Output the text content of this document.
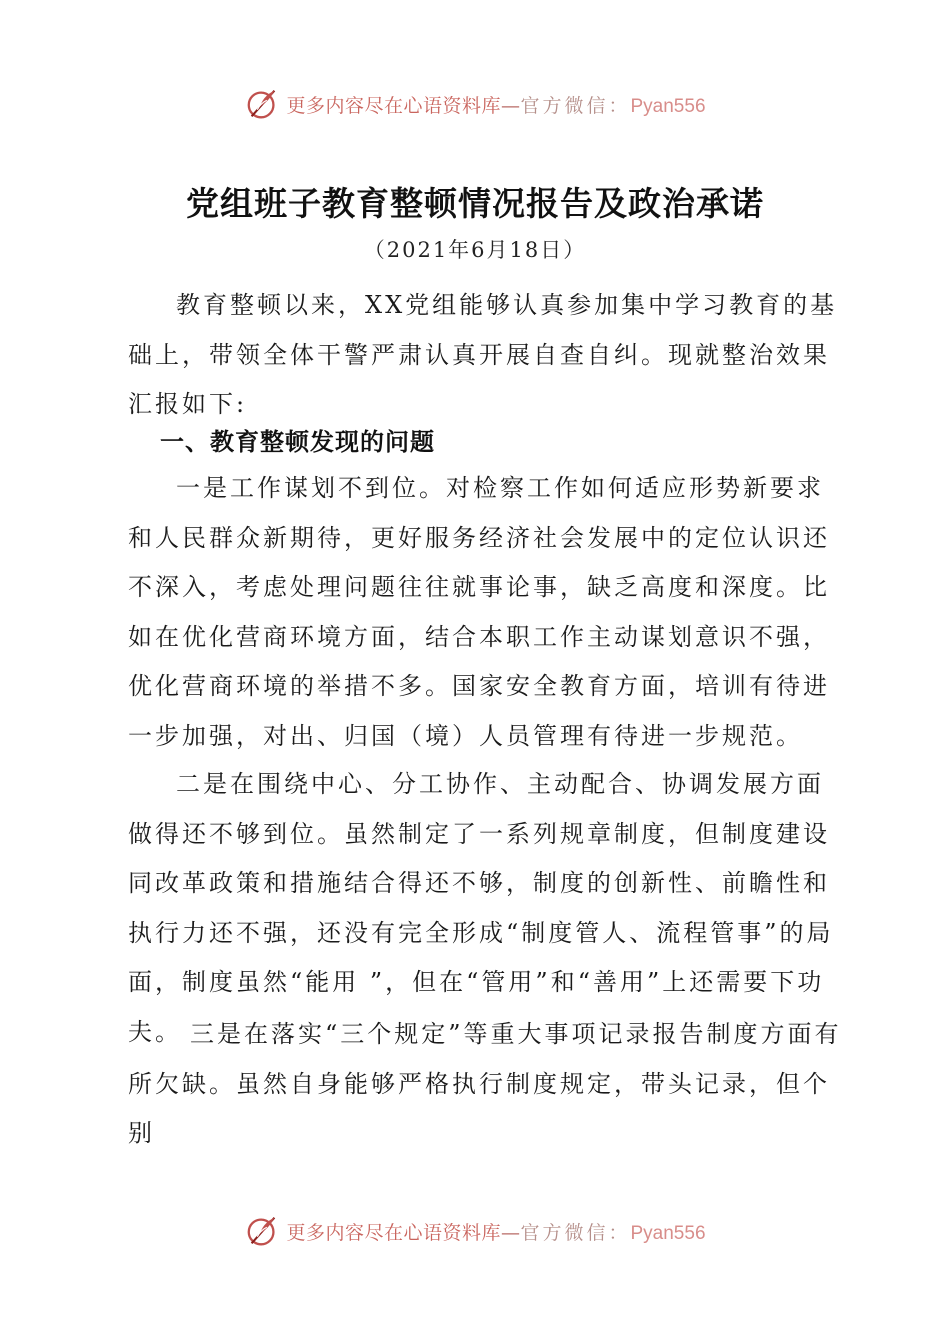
更多内容尽在心语资料库—官方微信：Pyan556
党组班子教育整顿情况报告及政治承诺
（2021年6月18日）

教育整顿以来，XX党组能够认真参加集中学习教育的基础上，带领全体干警严肃认真开展自查自纠。现就整治效果汇报如下:

一、教育整顿发现的问题

一是工作谋划不到位。对检察工作如何适应形势新要求和人民群众新期待，更好服务经济社会发展中的定位认识还不深入，考虑处理问题往往就事论事，缺乏高度和深度。比如在优化营商环境方面，结合本职工作主动谋划意识不强，优化营商环境的举措不多。国家安全教育方面，培训有待进一步加强，对出、归国（境）人员管理有待进一步规范。

二是在围绕中心、分工协作、主动配合、协调发展方面做得还不够到位。虽然制定了一系列规章制度，但制度建设同改革政策和措施结合得还不够，制度的创新性、前瞻性和执行力还不强，还没有完全形成“制度管人、流程管事”的局面，制度虽然“能用 ”，但在“管用”和“善用”上还需要下功夫。 三是在落实“三个规定”等重大事项记录报告制度方面有所欠缺。虽然自身能够严格执行制度规定，带头记录，但个别

更多内容尽在心语资料库—官方微信：Pyan556
